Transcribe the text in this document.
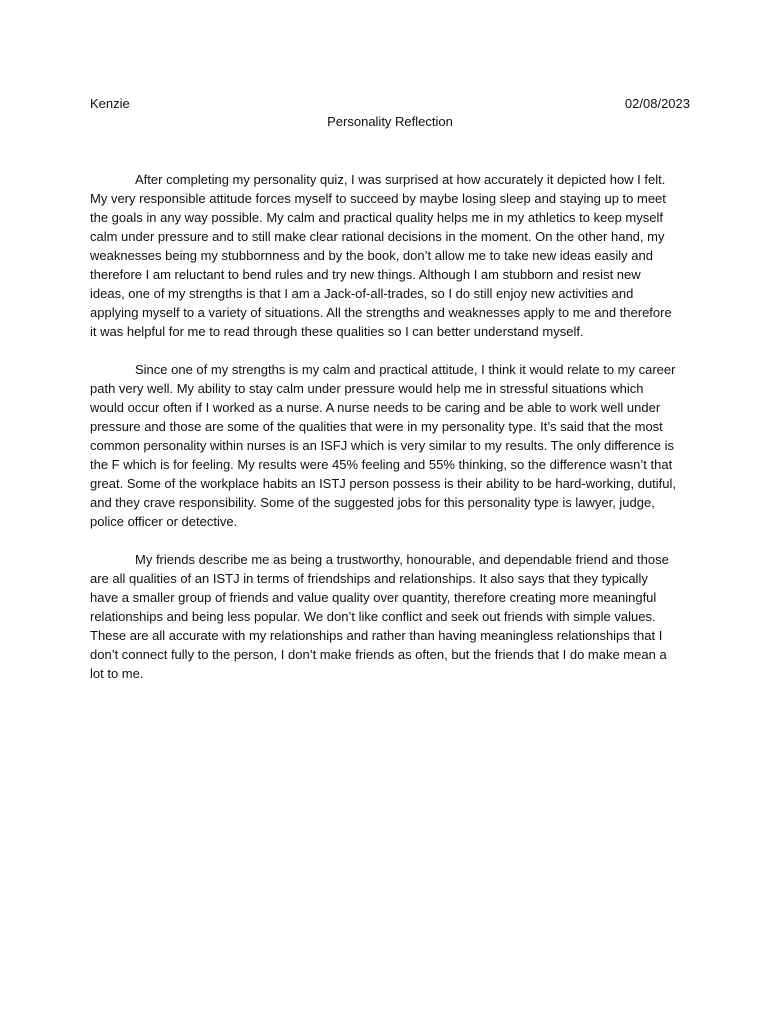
Kenzie	02/08/2023
Personality Reflection

After completing my personality quiz, I was surprised at how accurately it depicted how I felt. My very responsible attitude forces myself to succeed by maybe losing sleep and staying up to meet the goals in any way possible. My calm and practical quality helps me in my athletics to keep myself calm under pressure and to still make clear rational decisions in the moment. On the other hand, my weaknesses being my stubbornness and by the book, don’t allow me to take new ideas easily and therefore I am reluctant to bend rules and try new things. Although I am stubborn and resist new ideas, one of my strengths is that I am a Jack-of-all-trades, so I do still enjoy new activities and applying myself to a variety of situations. All the strengths and weaknesses apply to me and therefore it was helpful for me to read through these qualities so I can better understand myself.

Since one of my strengths is my calm and practical attitude, I think it would relate to my career path very well. My ability to stay calm under pressure would help me in stressful situations which would occur often if I worked as a nurse. A nurse needs to be caring and be able to work well under pressure and those are some of the qualities that were in my personality type. It’s said that the most common personality within nurses is an ISFJ which is very similar to my results. The only difference is the F which is for feeling. My results were 45% feeling and 55% thinking, so the difference wasn’t that great. Some of the workplace habits an ISTJ person possess is their ability to be hard-working, dutiful, and they crave responsibility. Some of the suggested jobs for this personality type is lawyer, judge, police officer or detective.

My friends describe me as being a trustworthy, honourable, and dependable friend and those are all qualities of an ISTJ in terms of friendships and relationships. It also says that they typically have a smaller group of friends and value quality over quantity, therefore creating more meaningful relationships and being less popular. We don’t like conflict and seek out friends with simple values. These are all accurate with my relationships and rather than having meaningless relationships that I don’t connect fully to the person, I don’t make friends as often, but the friends that I do make mean a lot to me.
